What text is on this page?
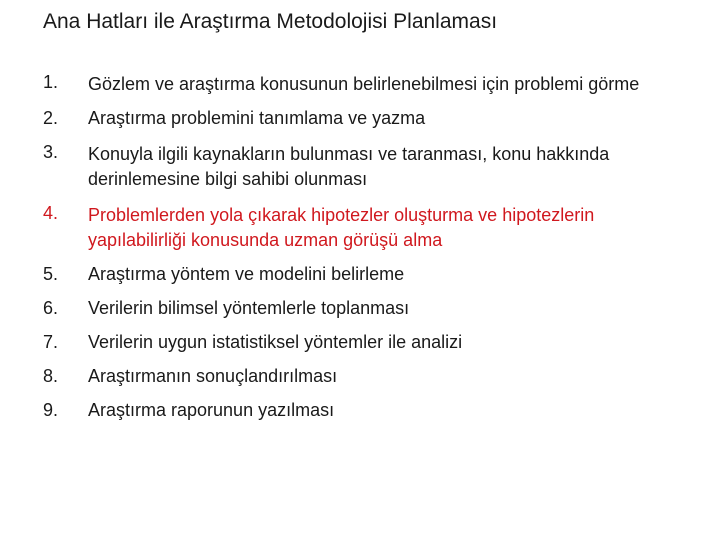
Ana Hatları ile Araştırma Metodolojisi Planlaması
1.	Gözlem ve araştırma konusunun belirlenebilmesi için problemi görme
2.	Araştırma problemini tanımlama ve yazma
3.	Konuyla ilgili kaynakların bulunması ve taranması, konu hakkında derinlemesine bilgi sahibi olunması
4.	Problemlerden yola çıkarak hipotezler oluşturma ve hipotezlerin yapılabilirliği konusunda uzman görüşü alma
5.	Araştırma yöntem ve modelini belirleme
6.	Verilerin bilimsel yöntemlerle toplanması
7.	Verilerin uygun istatistiksel yöntemler ile analizi
8.	Araştırmanın sonuçlandırılması
9.	Araştırma raporunun yazılması
